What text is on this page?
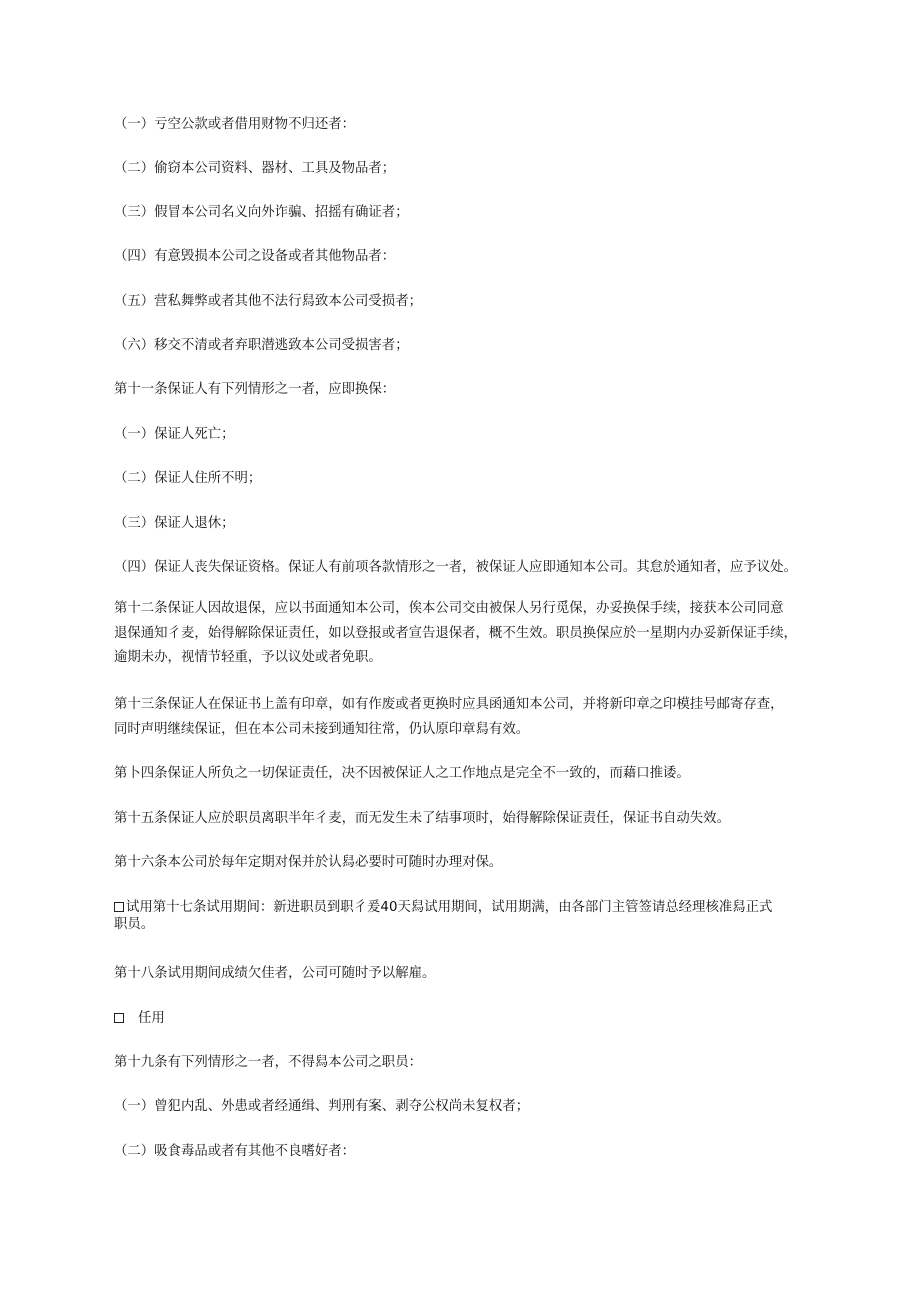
（一）亏空公款或者借用财物不归还者：
（二）偷窃本公司资料、器材、工具及物品者；
（三）假冒本公司名义向外诈骗、招摇有确证者；
（四）有意毁损本公司之设备或者其他物品者：
（五）营私舞弊或者其他不法行舄致本公司受损者；
（六）移交不清或者弃职潜逃致本公司受损害者；
第十一条保证人有下列情形之一者，应即换保：
（一）保证人死亡；
（二）保证人住所不明；
（三）保证人退休；
（四）保证人丧失保证资格。保证人有前项各款情形之一者，被保证人应即通知本公司。其怠於通知者，应予议处。
第十二条保证人因故退保，应以书面通知本公司，俟本公司交由被保人另行觅保，办妥换保手续，接获本公司同意
退保通知彳麦，始得解除保证责任，如以登报或者宣告退保者，概不生效。职员换保应於一星期内办妥新保证手续，
逾期未办，视情节轻重，予以议处或者免职。
第十三条保证人在保证书上盖有印章，如有作废或者更换时应具函通知本公司，并将新印章之印模挂号邮寄存查，
同时声明继续保证，但在本公司未接到通知往常，仍认原印章舄有效。
第卜四条保证人所负之一切保证责任，决不因被保证人之工作地点是完全不一致的，而藉口推诿。
第十五条保证人应於职员离职半年彳麦，而无发生未了结事项时，始得解除保证责任，保证书自动失效。
第十六条本公司於每年定期对保并於认舄必要时可随时办理对保。
试用第十七条试用期间：新进职员到职彳爰40天舄试用期间，试用期满，由各部门主管签请总经理核准舄正式
职员。
第十八条试用期间成绩欠佳者，公司可随时予以解雇。
任用
第十九条有下列情形之一者，不得舄本公司之职员：
（一）曾犯内乱、外患或者经通缉、判刑有案、剥夺公权尚未复权者；
（二）吸食毒品或者有其他不良嗜好者：
